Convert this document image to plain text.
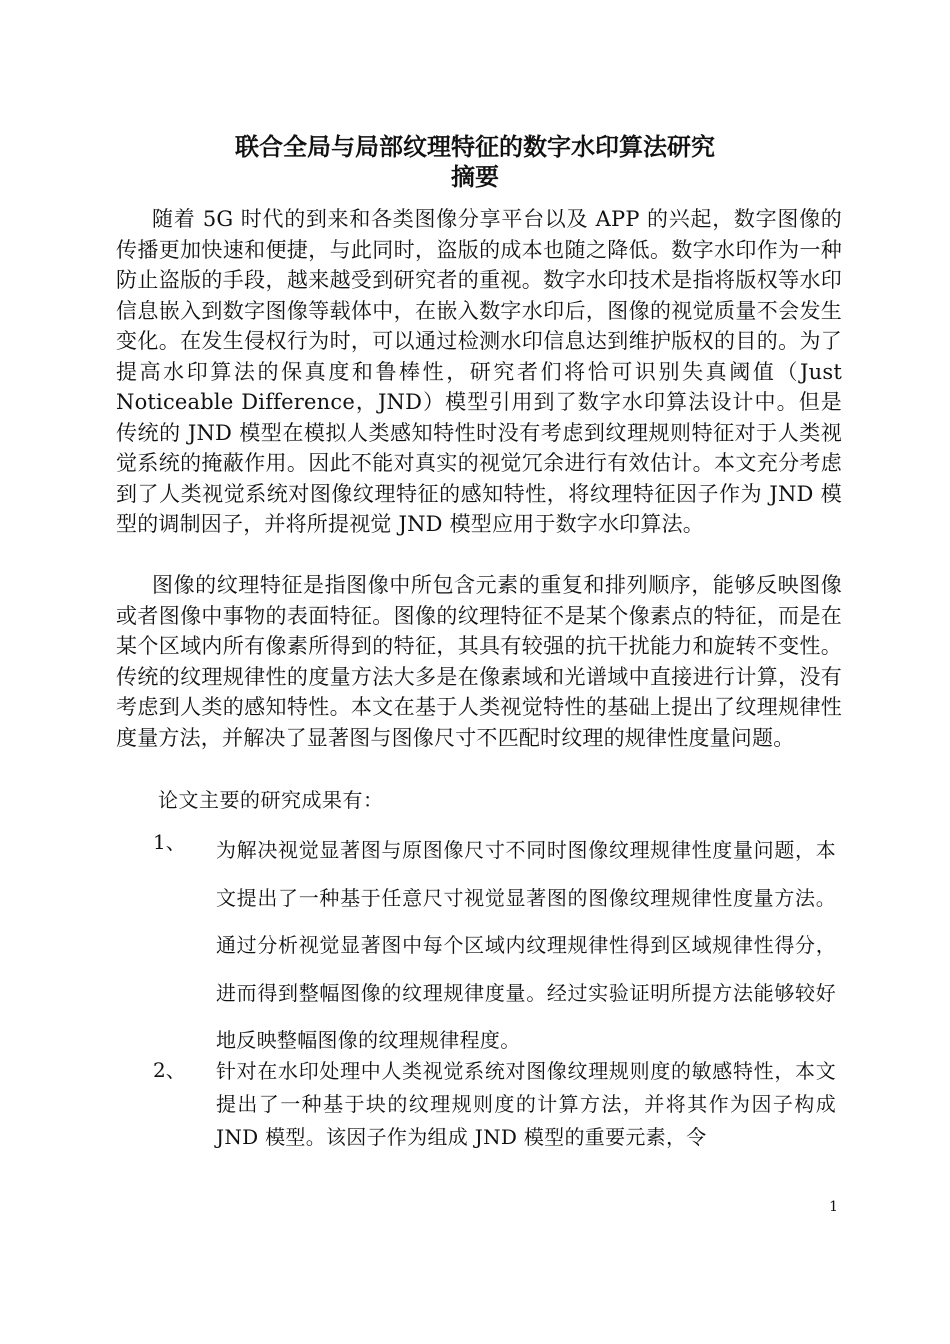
联合全局与局部纹理特征的数字水印算法研究
摘要

随着 5G 时代的到来和各类图像分享平台以及 APP 的兴起，数字图像的传播更加快速和便捷，与此同时，盗版的成本也随之降低。数字水印作为一种防止盗版的手段，越来越受到研究者的重视。数字水印技术是指将版权等水印信息嵌入到数字图像等载体中，在嵌入数字水印后，图像的视觉质量不会发生变化。在发生侵权行为时，可以通过检测水印信息达到维护版权的目的。为了提高水印算法的保真度和鲁棒性，研究者们将恰可识别失真阈值（Just Noticeable Difference，JND）模型引用到了数字水印算法设计中。但是传统的 JND 模型在模拟人类感知特性时没有考虑到纹理规则特征对于人类视觉系统的掩蔽作用。因此不能对真实的视觉冗余进行有效估计。本文充分考虑到了人类视觉系统对图像纹理特征的感知特性，将纹理特征因子作为 JND 模型的调制因子，并将所提视觉 JND 模型应用于数字水印算法。

图像的纹理特征是指图像中所包含元素的重复和排列顺序，能够反映图像或者图像中事物的表面特征。图像的纹理特征不是某个像素点的特征，而是在某个区域内所有像素所得到的特征，其具有较强的抗干扰能力和旋转不变性。传统的纹理规律性的度量方法大多是在像素域和光谱域中直接进行计算，没有考虑到人类的感知特性。本文在基于人类视觉特性的基础上提出了纹理规律性度量方法，并解决了显著图与图像尺寸不匹配时纹理的规律性度量问题。

论文主要的研究成果有：
1、 为解决视觉显著图与原图像尺寸不同时图像纹理规律性度量问题，本文提出了一种基于任意尺寸视觉显著图的图像纹理规律性度量方法。通过分析视觉显著图中每个区域内纹理规律性得到区域规律性得分，进而得到整幅图像的纹理规律度量。经过实验证明所提方法能够较好地反映整幅图像的纹理规律程度。

2、 针对在水印处理中人类视觉系统对图像纹理规则度的敏感特性，本文提出了一种基于块的纹理规则度的计算方法，并将其作为因子构成 JND 模型。该因子作为组成 JND 模型的重要元素，令

1
